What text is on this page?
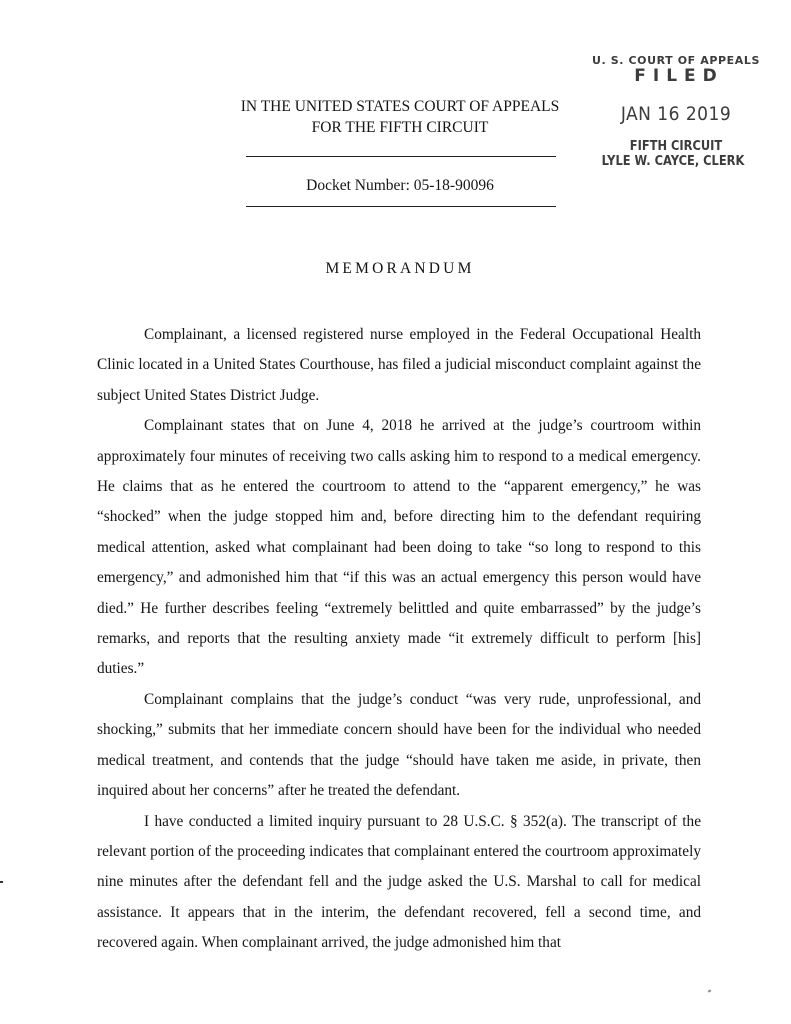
U. S. COURT OF APPEALS
FILED
JAN 16 2019
FIFTH CIRCUIT
LYLE W. CAYCE, CLERK
IN THE UNITED STATES COURT OF APPEALS
FOR THE FIFTH CIRCUIT
Docket Number: 05-18-90096
MEMORANDUM

Complainant, a licensed registered nurse employed in the Federal Occupational Health Clinic located in a United States Courthouse, has filed a judicial misconduct complaint against the subject United States District Judge.

Complainant states that on June 4, 2018 he arrived at the judge’s courtroom within approximately four minutes of receiving two calls asking him to respond to a medical emergency. He claims that as he entered the courtroom to attend to the “apparent emergency,” he was “shocked” when the judge stopped him and, before directing him to the defendant requiring medical attention, asked what complainant had been doing to take “so long to respond to this emergency,” and admonished him that “if this was an actual emergency this person would have died.” He further describes feeling “extremely belittled and quite embarrassed” by the judge’s remarks, and reports that the resulting anxiety made “it extremely difficult to perform [his] duties.”

Complainant complains that the judge’s conduct “was very rude, unprofessional, and shocking,” submits that her immediate concern should have been for the individual who needed medical treatment, and contends that the judge “should have taken me aside, in private, then inquired about her concerns” after he treated the defendant.

I have conducted a limited inquiry pursuant to 28 U.S.C. § 352(a). The transcript of the relevant portion of the proceeding indicates that complainant entered the courtroom approximately nine minutes after the defendant fell and the judge asked the U.S. Marshal to call for medical assistance. It appears that in the interim, the defendant recovered, fell a second time, and recovered again. When complainant arrived, the judge admonished him that
